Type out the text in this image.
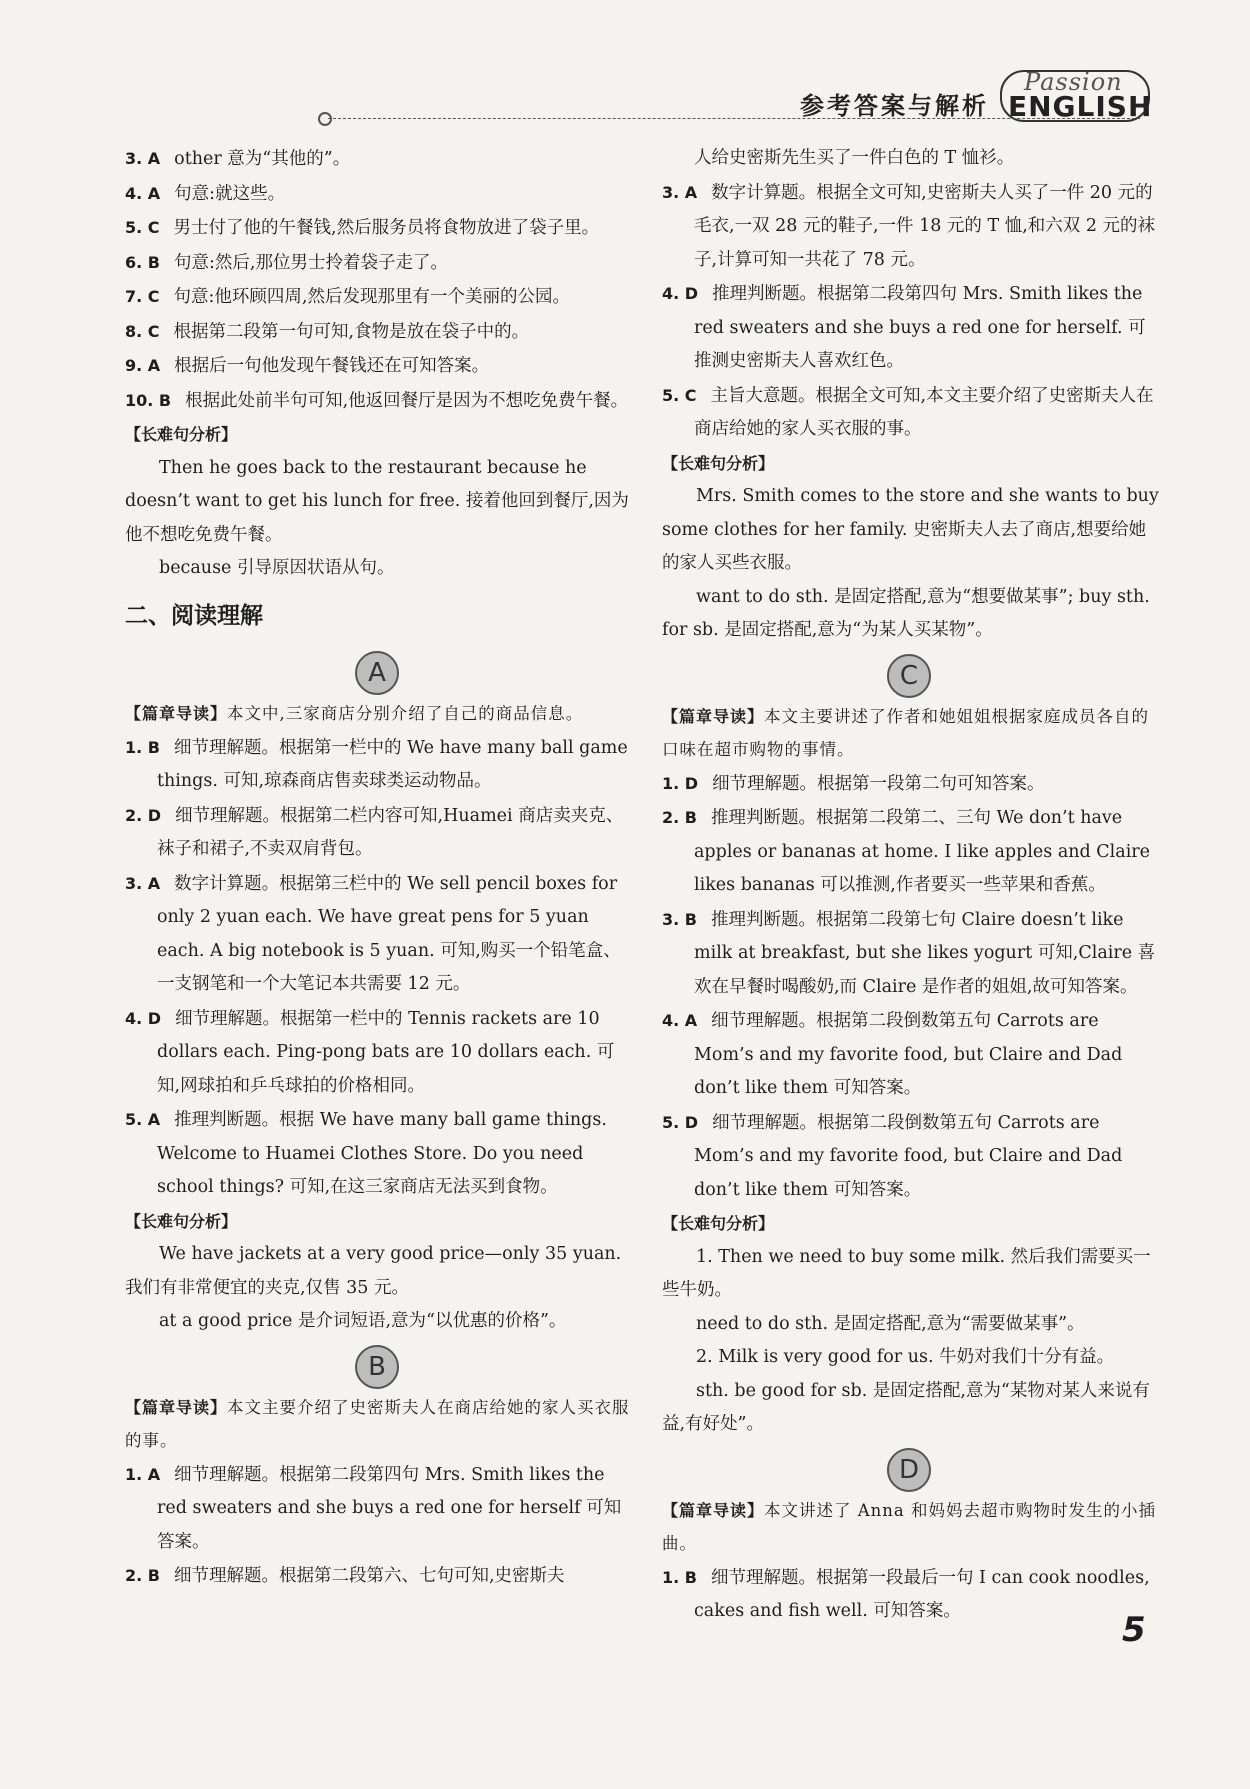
参考答案与解析
Passion
ENGLISH

3. A other 意为“其他的”。

4. A 句意:就这些。

5. C 男士付了他的午餐钱,然后服务员将食物放进了袋子里。

6. B 句意:然后,那位男士拎着袋子走了。

7. C 句意:他环顾四周,然后发现那里有一个美丽的公园。

8. C 根据第二段第一句可知,食物是放在袋子中的。

9. A 根据后一句他发现午餐钱还在可知答案。

10. B 根据此处前半句可知,他返回餐厅是因为不想吃免费午餐。

【长难句分析】

Then he goes back to the restaurant because he doesn’t want to get his lunch for free. 接着他回到餐厅,因为他不想吃免费午餐。

because 引导原因状语从句。

二、阅读理解
A

【篇章导读】本文中,三家商店分别介绍了自己的商品信息。

1. B 细节理解题。根据第一栏中的 We have many ball game things. 可知,琼森商店售卖球类运动物品。

2. D 细节理解题。根据第二栏内容可知,Huamei 商店卖夹克、袜子和裙子,不卖双肩背包。

3. A 数字计算题。根据第三栏中的 We sell pencil boxes for only 2 yuan each. We have great pens for 5 yuan each. A big notebook is 5 yuan. 可知,购买一个铅笔盒、一支钢笔和一个大笔记本共需要 12 元。

4. D 细节理解题。根据第一栏中的 Tennis rackets are 10 dollars each. Ping-pong bats are 10 dollars each. 可知,网球拍和乒乓球拍的价格相同。

5. A 推理判断题。根据 We have many ball game things. Welcome to Huamei Clothes Store. Do you need school things? 可知,在这三家商店无法买到食物。

【长难句分析】

We have jackets at a very good price—only 35 yuan. 我们有非常便宜的夹克,仅售 35 元。

at a good price 是介词短语,意为“以优惠的价格”。

B

【篇章导读】本文主要介绍了史密斯夫人在商店给她的家人买衣服的事。

1. A 细节理解题。根据第二段第四句 Mrs. Smith likes the red sweaters and she buys a red one for herself 可知答案。

2. B 细节理解题。根据第二段第六、七句可知,史密斯夫

人给史密斯先生买了一件白色的 T 恤衫。

3. A 数字计算题。根据全文可知,史密斯夫人买了一件 20 元的毛衣,一双 28 元的鞋子,一件 18 元的 T 恤,和六双 2 元的袜子,计算可知一共花了 78 元。

4. D 推理判断题。根据第二段第四句 Mrs. Smith likes the red sweaters and she buys a red one for herself. 可推测史密斯夫人喜欢红色。

5. C 主旨大意题。根据全文可知,本文主要介绍了史密斯夫人在商店给她的家人买衣服的事。

【长难句分析】

Mrs. Smith comes to the store and she wants to buy some clothes for her family. 史密斯夫人去了商店,想要给她的家人买些衣服。

want to do sth. 是固定搭配,意为“想要做某事”; buy sth. for sb. 是固定搭配,意为“为某人买某物”。

C

【篇章导读】本文主要讲述了作者和她姐姐根据家庭成员各自的口味在超市购物的事情。

1. D 细节理解题。根据第一段第二句可知答案。

2. B 推理判断题。根据第二段第二、三句 We don’t have apples or bananas at home. I like apples and Claire likes bananas 可以推测,作者要买一些苹果和香蕉。

3. B 推理判断题。根据第二段第七句 Claire doesn’t like milk at breakfast, but she likes yogurt 可知,Claire 喜欢在早餐时喝酸奶,而 Claire 是作者的姐姐,故可知答案。

4. A 细节理解题。根据第二段倒数第五句 Carrots are Mom’s and my favorite food, but Claire and Dad don’t like them 可知答案。

5. D 细节理解题。根据第二段倒数第五句 Carrots are Mom’s and my favorite food, but Claire and Dad don’t like them 可知答案。

【长难句分析】

1. Then we need to buy some milk. 然后我们需要买一些牛奶。

need to do sth. 是固定搭配,意为“需要做某事”。

2. Milk is very good for us. 牛奶对我们十分有益。

sth. be good for sb. 是固定搭配,意为“某物对某人来说有益,有好处”。

D

【篇章导读】本文讲述了 Anna 和妈妈去超市购物时发生的小插曲。

1. B 细节理解题。根据第一段最后一句 I can cook noodles, cakes and fish well. 可知答案。	5
